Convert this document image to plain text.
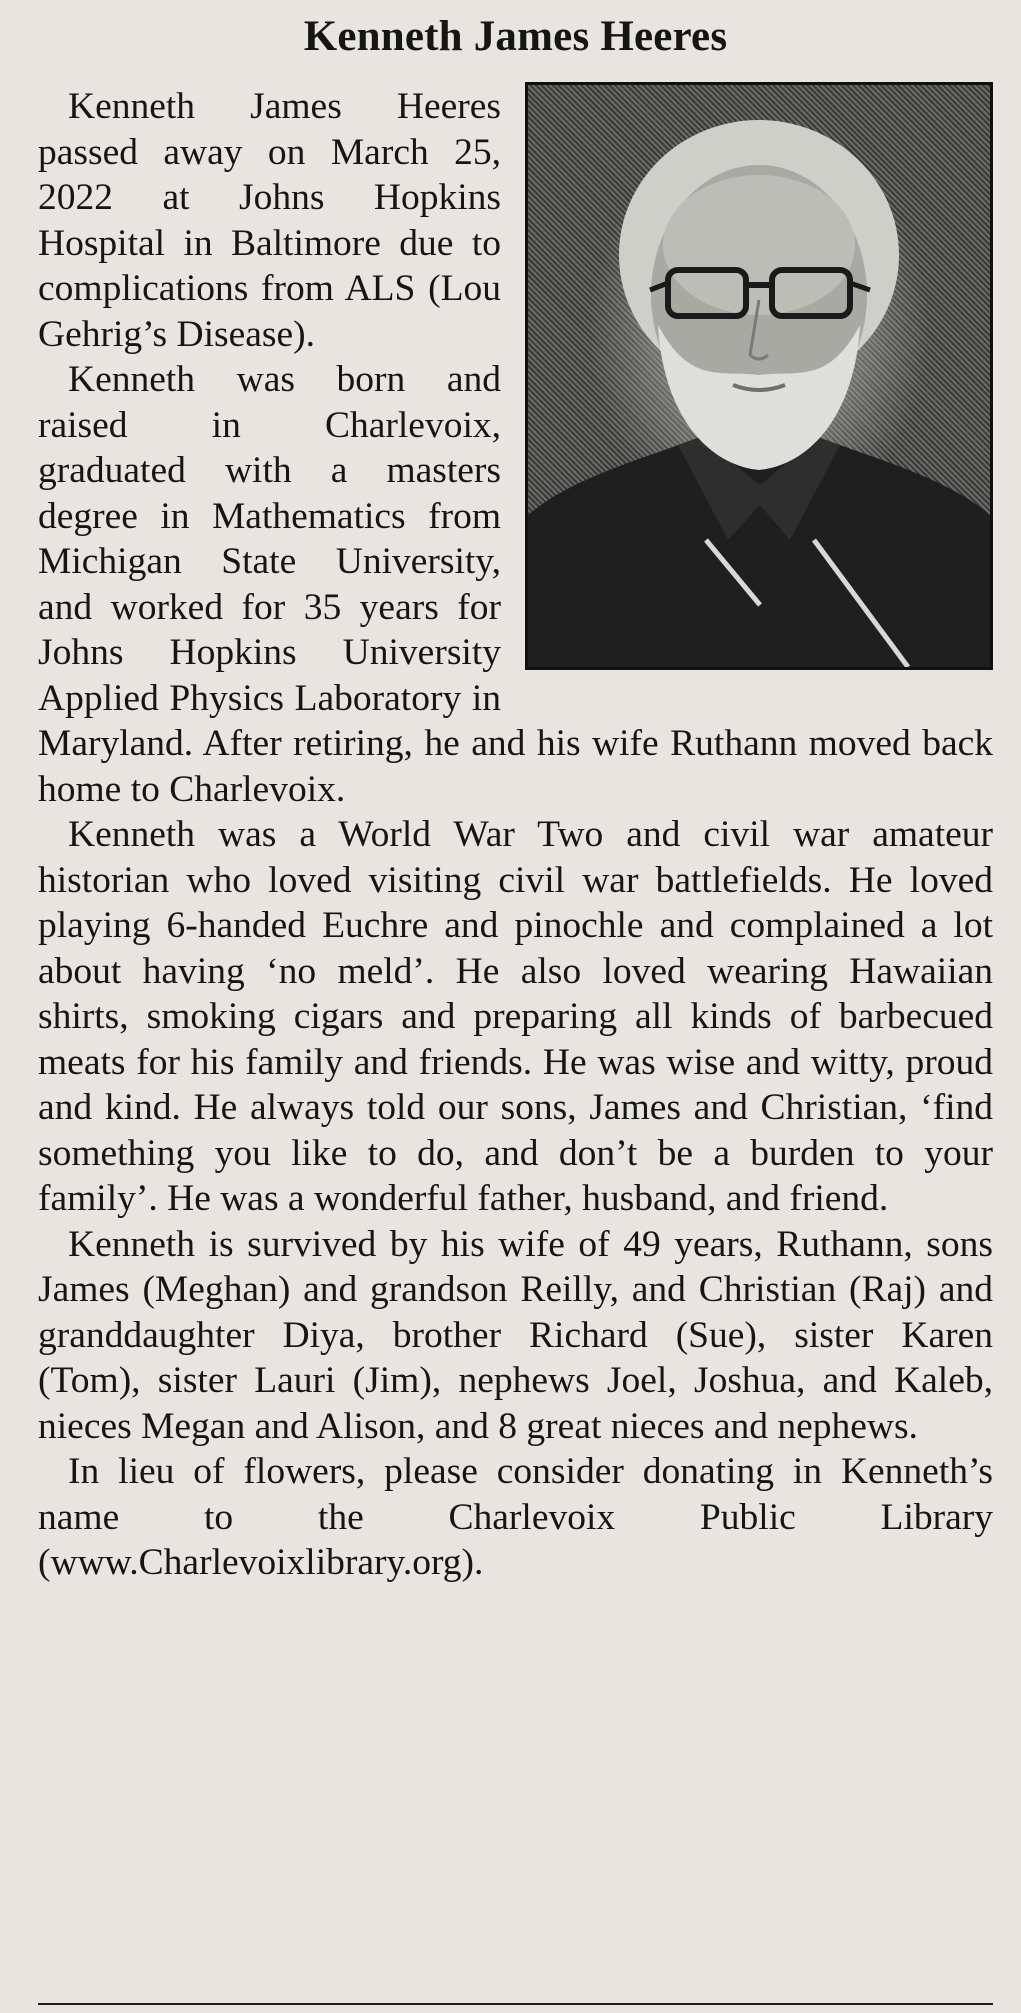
Kenneth James Heeres

Kenneth James Heeres passed away on March 25, 2022 at Johns Hopkins Hospital in Baltimore due to complications from ALS (Lou Gehrig’s Disease).

Kenneth was born and raised in Charlevoix, graduated with a masters degree in Mathematics from Michigan State University, and worked for 35 years for Johns Hopkins University Applied Physics Laboratory in Maryland. After retiring, he and his wife Ruthann moved back home to Charlevoix.

Kenneth was a World War Two and civil war amateur historian who loved visiting civil war battlefields. He loved playing 6-handed Euchre and pinochle and complained a lot about having ‘no meld’. He also loved wearing Hawaiian shirts, smoking cigars and preparing all kinds of barbecued meats for his family and friends. He was wise and witty, proud and kind. He always told our sons, James and Christian, ‘find something you like to do, and don’t be a burden to your family’. He was a wonderful father, husband, and friend.

Kenneth is survived by his wife of 49 years, Ruthann, sons James (Meghan) and grandson Reilly, and Christian (Raj) and granddaughter Diya, brother Richard (Sue), sister Karen (Tom), sister Lauri (Jim), nephews Joel, Joshua, and Kaleb, nieces Megan and Alison, and 8 great nieces and nephews.

In lieu of flowers, please consider donating in Kenneth’s name to the Charlevoix Public Library (www.Charlevoixlibrary.org).
